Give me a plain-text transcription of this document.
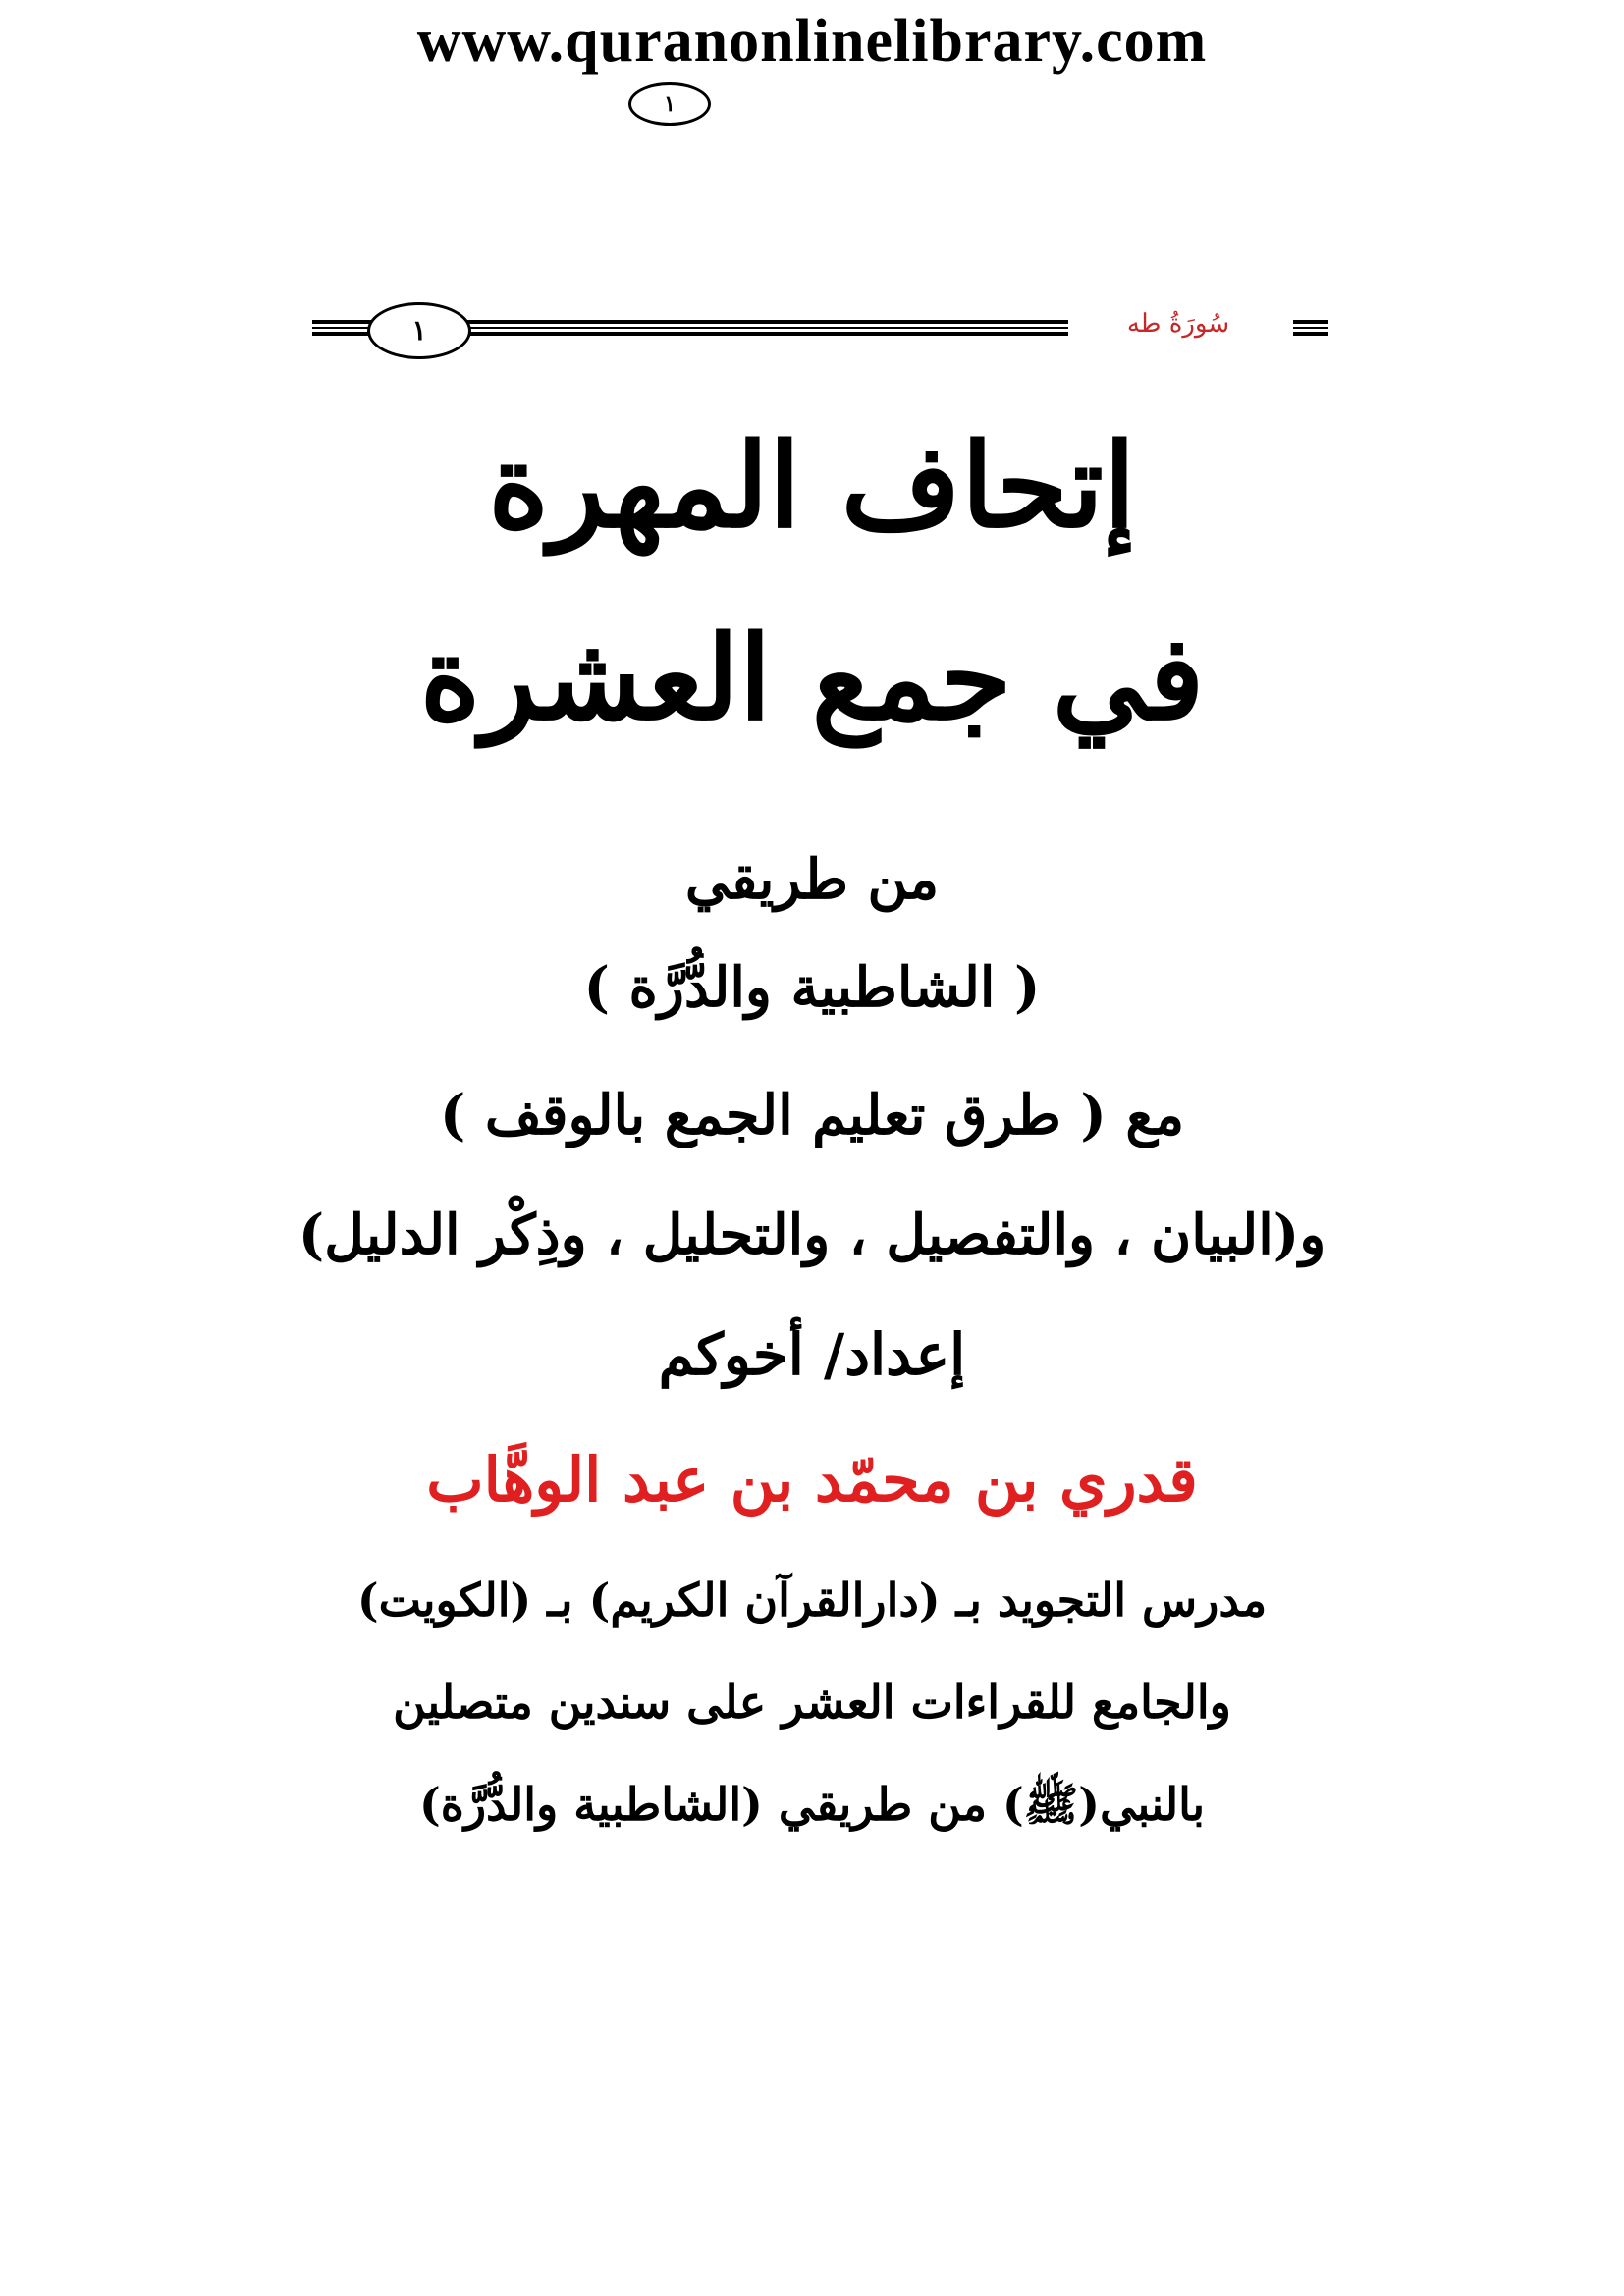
www.quranonlinelibrary.com
١
١	سُورَةُ طه
إتحاف المهرة
في جمع العشرة
من طريقي
( الشاطبية والدُّرَّة )
مع ( طرق تعليم الجمع بالوقف )
و(البيان ، والتفصيل ، والتحليل ، وذِكْر الدليل)
إعداد/ أخوكم
قدري بن محمّد بن عبد الوهَّاب
مدرس التجويد بـ (دارالقرآن الكريم) بـ (الكويت)
والجامع للقراءات العشر على سندين متصلين
بالنبي(ﷺ) من طريقي (الشاطبية والدُّرَّة)
